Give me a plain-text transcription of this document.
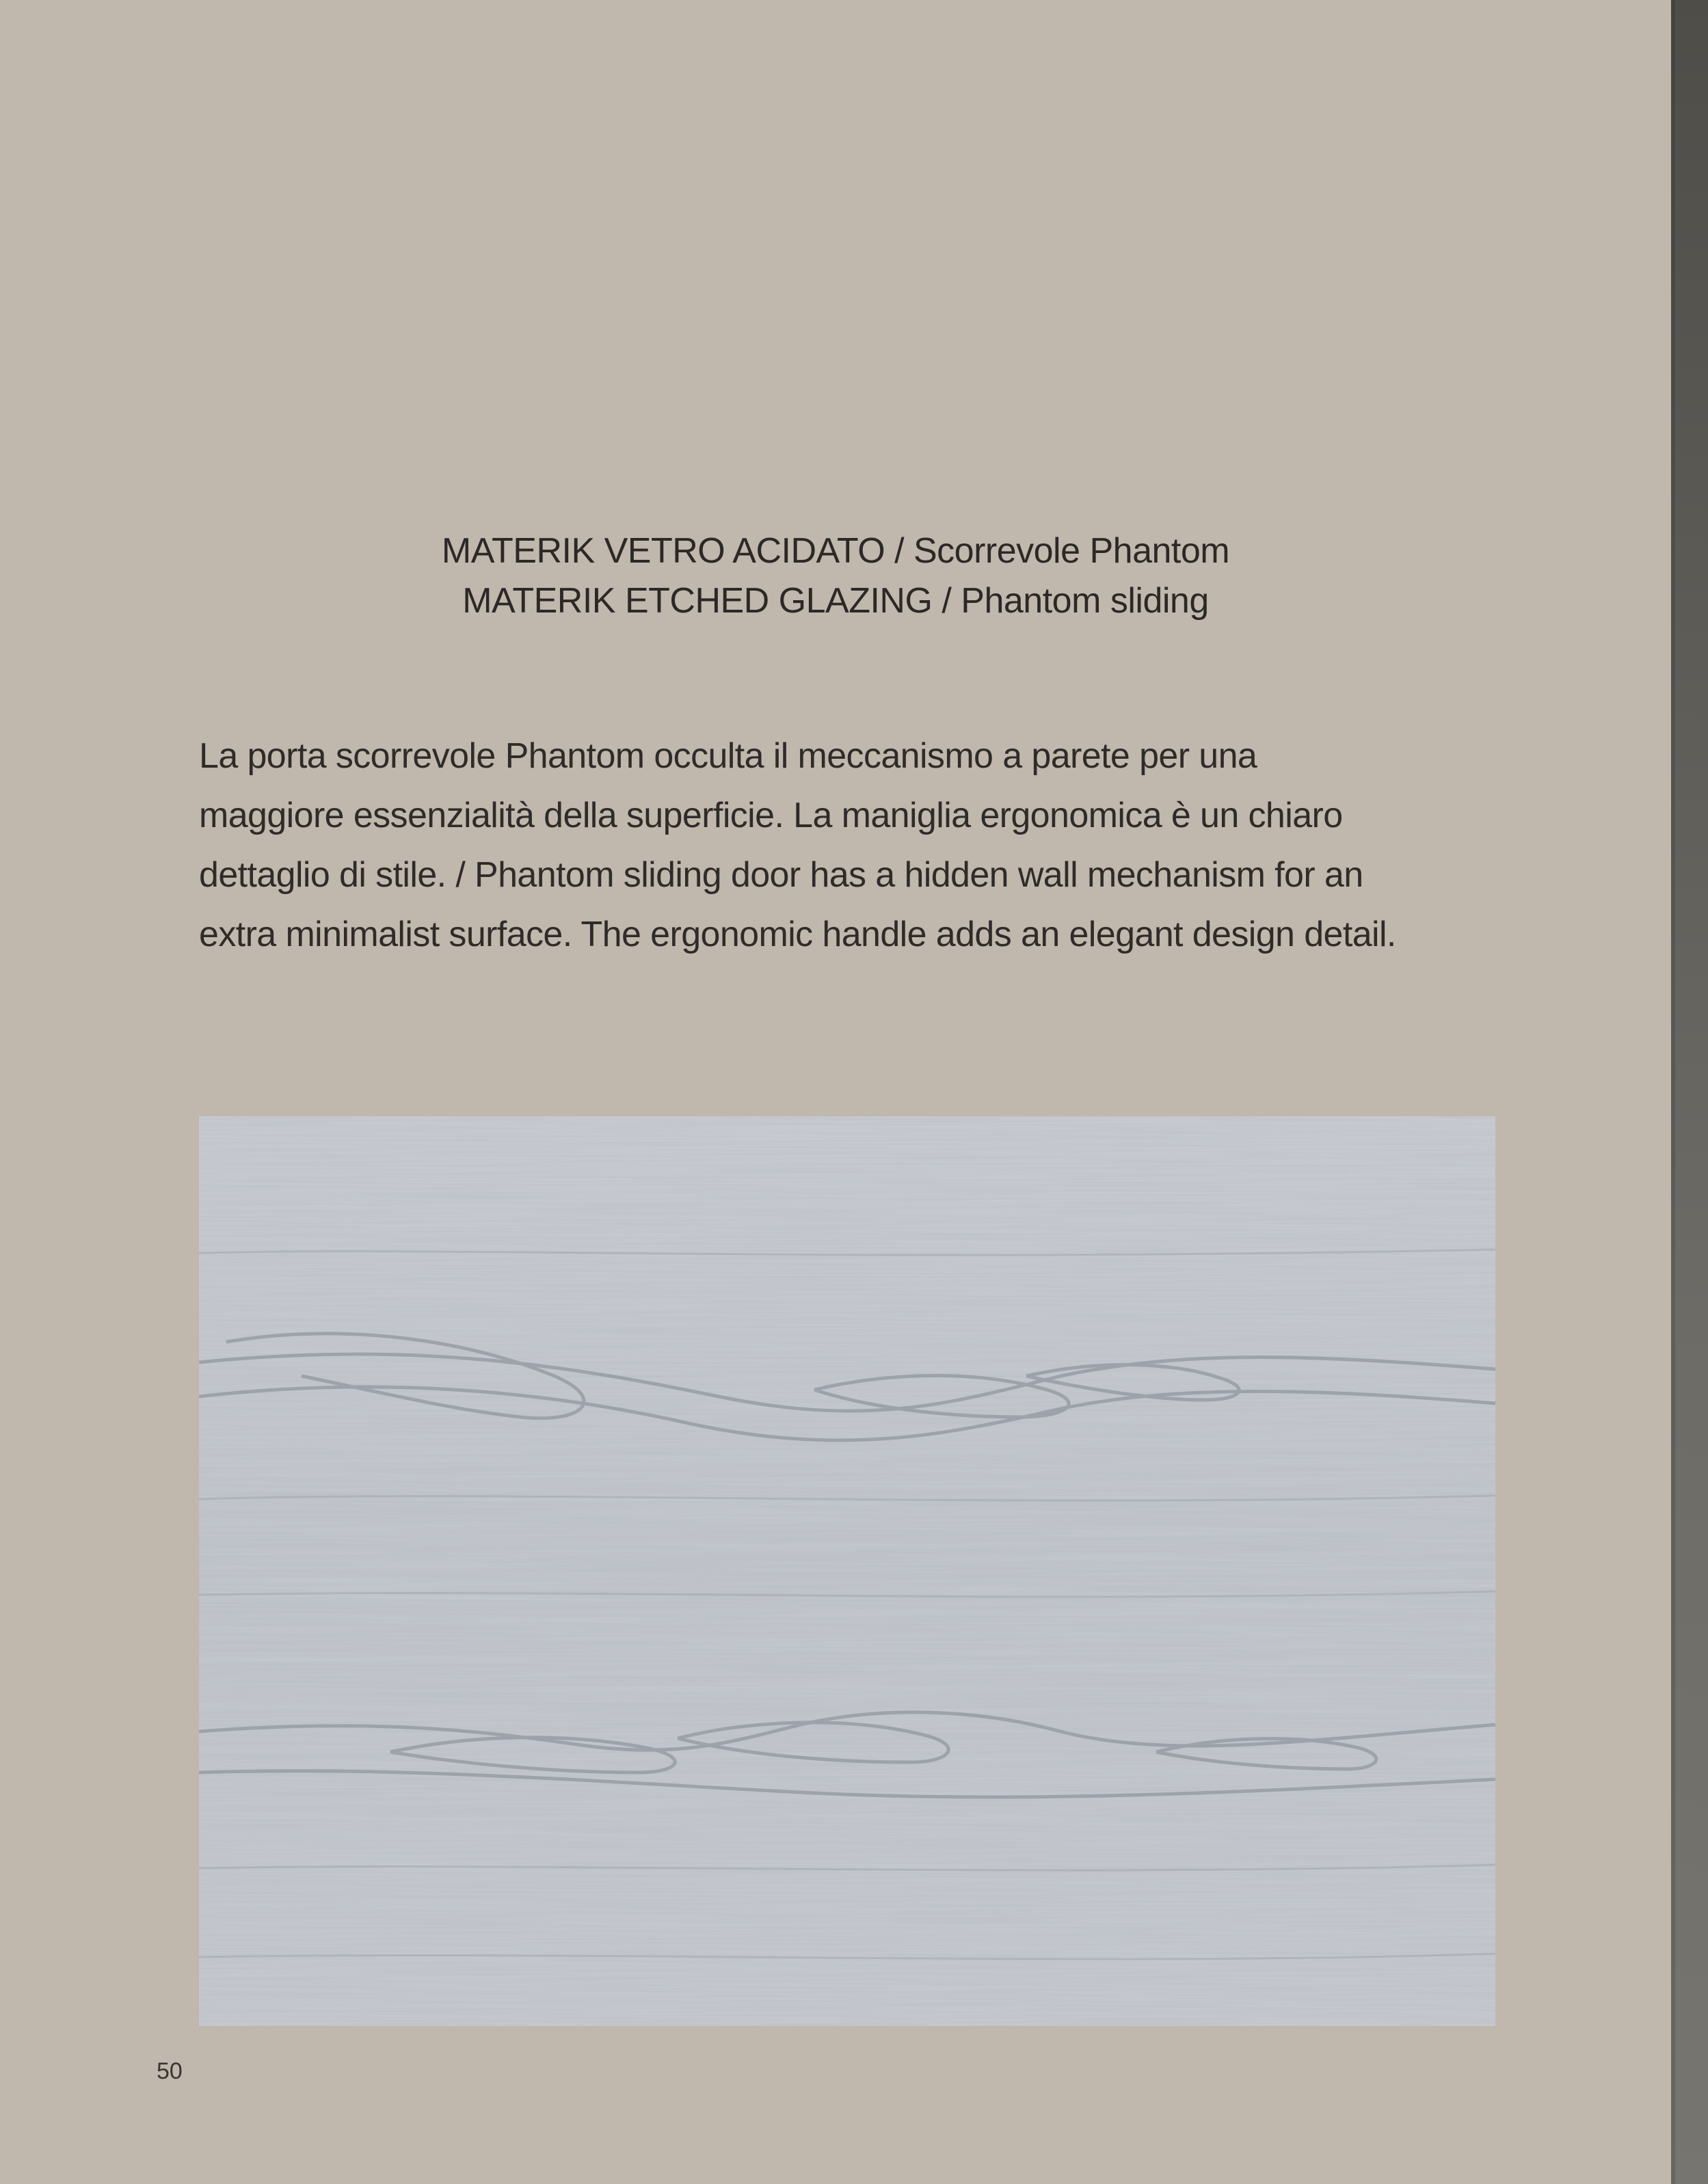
MATERIK VETRO ACIDATO / Scorrevole Phantom
MATERIK ETCHED GLAZING / Phantom sliding
La porta scorrevole Phantom occulta il meccanismo a parete per una
maggiore essenzialità della superficie. La maniglia ergonomica è un chiaro
dettaglio di stile. / Phantom sliding door has a hidden wall mechanism for an
extra minimalist surface. The ergonomic handle adds an elegant design detail.
50
